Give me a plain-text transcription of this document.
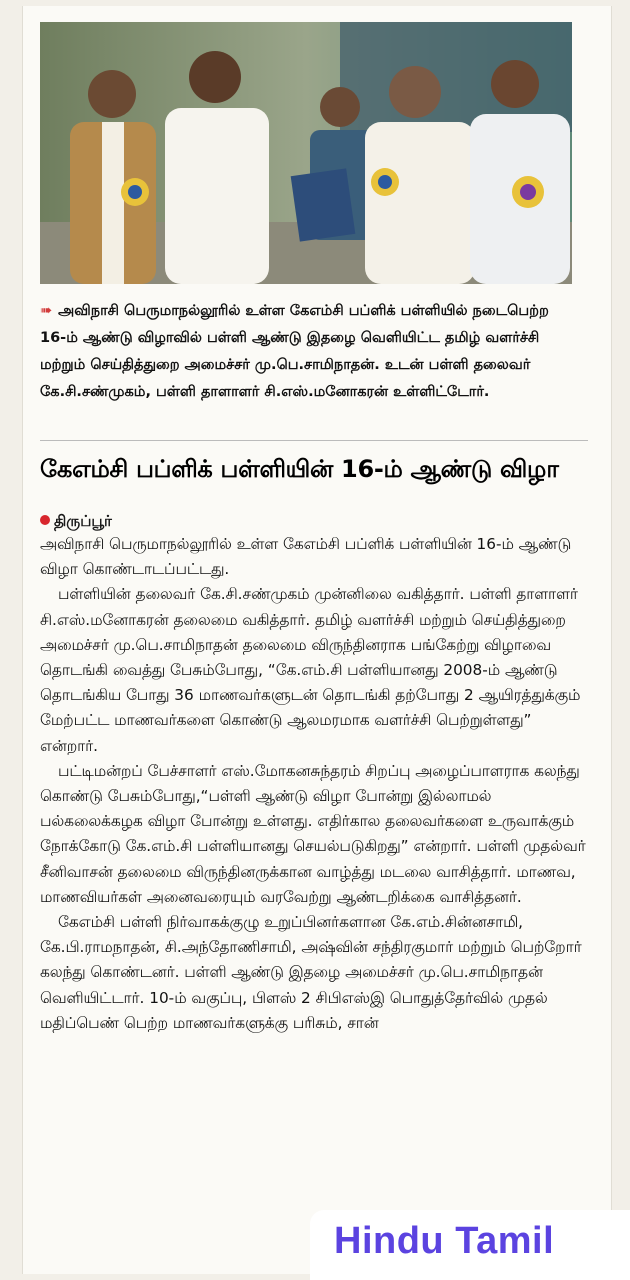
➠ அவிநாசி பெருமாநல்லூரில் உள்ள கேஎம்சி பப்ளிக் பள்ளியில் நடைபெற்ற 16-ம் ஆண்டு விழாவில் பள்ளி ஆண்டு இதழை வெளியிட்ட தமிழ் வளர்ச்சி மற்றும் செய்தித்துறை அமைச்சர் மு.பெ.சாமிநாதன். உடன் பள்ளி தலைவர் கே.சி.சண்முகம், பள்ளி தாளாளர் சி.எஸ்.மனோகரன் உள்ளிட்டோர்.
கேஎம்சி பப்ளிக் பள்ளியின் 16-ம் ஆண்டு விழா
திருப்பூர்

அவிநாசி பெருமாநல்லூரில் உள்ள கேஎம்சி பப்ளிக் பள்ளியின் 16-ம் ஆண்டு விழா கொண்டாடப்பட்டது.

பள்ளியின் தலைவர் கே.சி.சண்முகம் முன்னிலை வகித்தார். பள்ளி தாளாளர் சி.எஸ்.மனோகரன் தலைமை வகித்தார். தமிழ் வளர்ச்சி மற்றும் செய்தித்துறை அமைச்சர் மு.பெ.சாமிநாதன் தலைமை விருந்தினராக பங்கேற்று விழாவை தொடங்கி வைத்து பேசும்போது, “கே.எம்.சி பள்ளியானது 2008-ம் ஆண்டு தொடங்கிய போது 36 மாணவர்களுடன் தொடங்கி தற்போது 2 ஆயிரத்துக்கும் மேற்பட்ட மாணவர்களை கொண்டு ஆலமரமாக வளர்ச்சி பெற்றுள்ளது” என்றார்.

பட்டிமன்றப் பேச்சாளர் எஸ்.மோகனசுந்தரம் சிறப்பு அழைப்பாளராக கலந்து கொண்டு பேசும்போது,“பள்ளி ஆண்டு விழா போன்று இல்லாமல் பல்கலைக்கழக விழா போன்று உள்ளது. எதிர்கால தலைவர்களை உருவாக்கும் நோக்கோடு கே.எம்.சி பள்ளியானது செயல்படுகிறது” என்றார். பள்ளி முதல்வர் சீனிவாசன் தலைமை விருந்தினருக்கான வாழ்த்து மடலை வாசித்தார். மாணவ, மாணவியர்கள் அனைவரையும் வரவேற்று ஆண்டறிக்கை வாசித்தனர்.

கேஎம்சி பள்ளி நிர்வாகக்குழு உறுப்பினர்களான கே.எம்.சின்னசாமி, கே.பி.ராமநாதன், சி.அந்தோணிசாமி, அஷ்வின் சந்திரகுமார் மற்றும் பெற்றோர் கலந்து கொண்டனர். பள்ளி ஆண்டு இதழை அமைச்சர் மு.பெ.சாமிநாதன் வெளியிட்டார். 10-ம் வகுப்பு, பிளஸ் 2 சிபிஎஸ்இ பொதுத்தேர்வில் முதல் மதிப்பெண் பெற்ற மாணவர்களுக்கு பரிசும், சான்

Hindu Tamil
